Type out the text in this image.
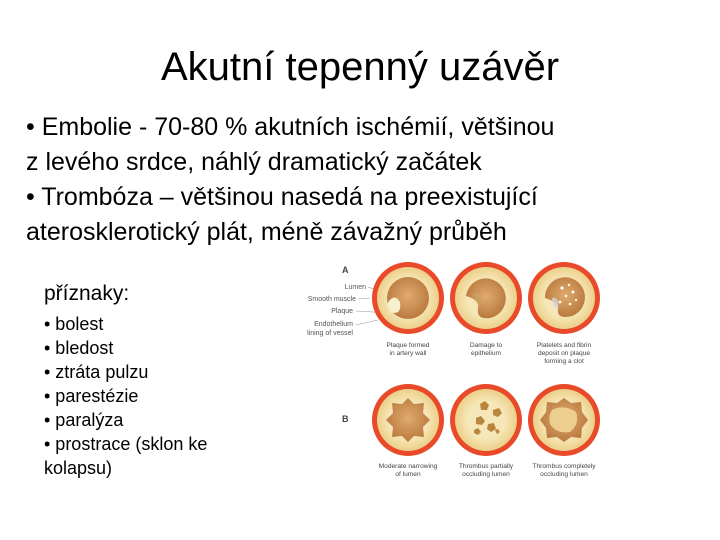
Akutní tepenný uzávěr
• Embolie - 70-80 % akutních ischémií, většinou
z levého srdce, náhlý dramatický začátek
• Trombóza – většinou nasedá na preexistující
aterosklerotický plát, méně závažný průběh
příznaky:
• bolest
• bledost
• ztráta pulzu
• parestézie
• paralýza
• prostrace (sklon ke kolapsu)
A
B
Lumen
Smooth muscle
Plaque
Endothelium
lining of vessel
Plaque formed
in artery wall
Damage to
epithelium
Platelets and fibrin
deposit on plaque
forming a clot
Moderate narrowing
of lumen
Thrombus partially
occluding lumen
Thrombus completely
occluding lumen
